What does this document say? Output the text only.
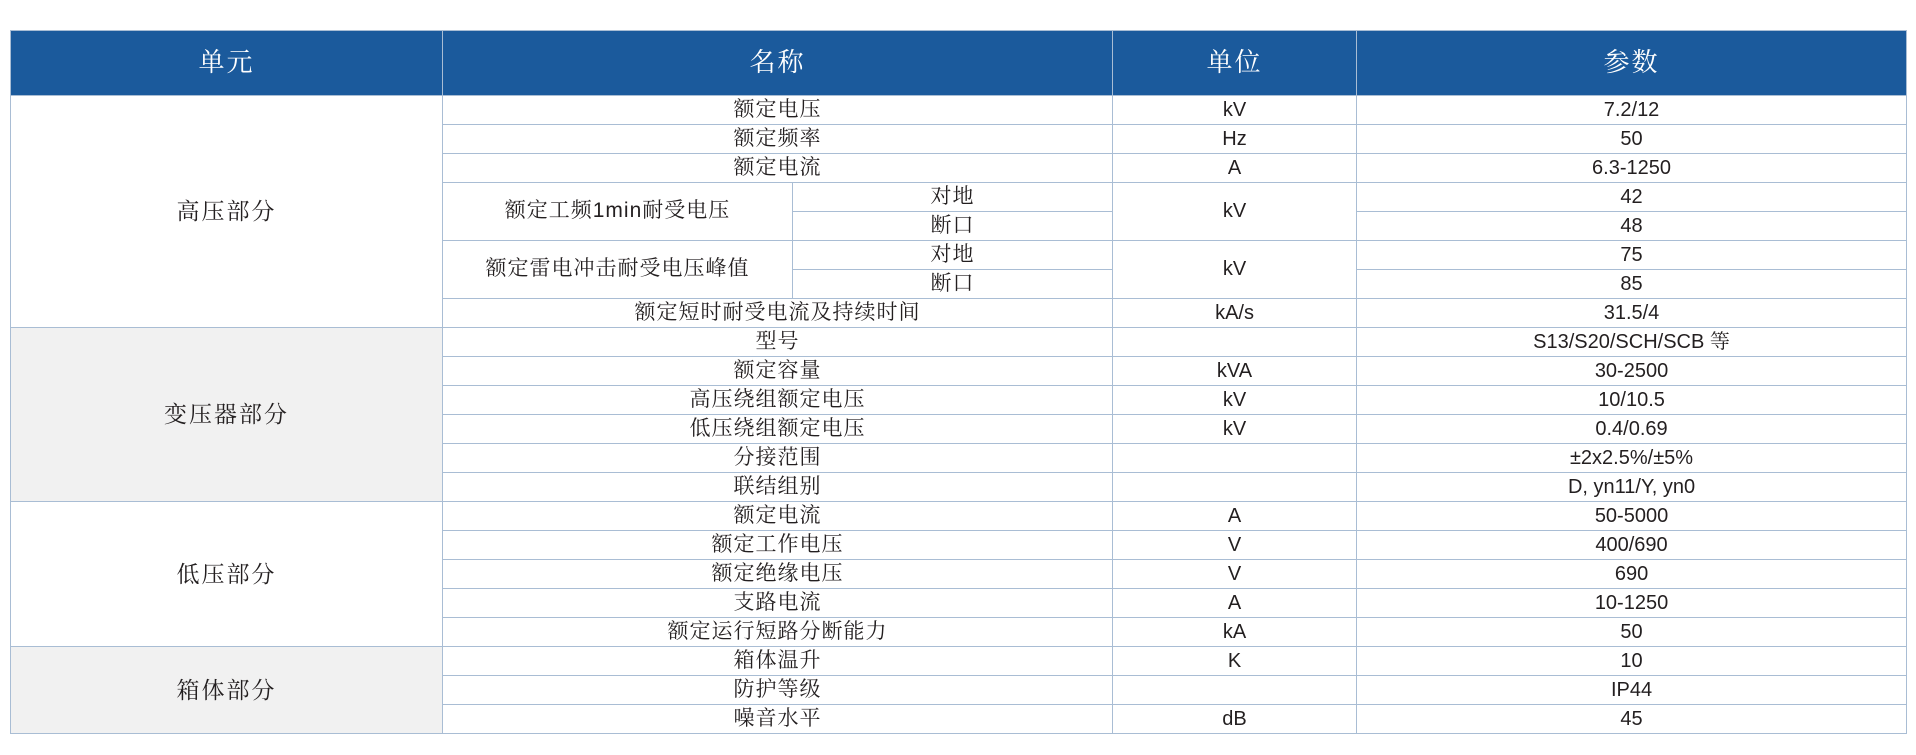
单元	名称		单位	参数
高压部分	额定电压		kV	7.2/12
	额定频率		Hz	50
	额定电流		A	6.3-1250
	额定工频1min耐受电压	对地	kV	42
		断口		48
	额定雷电冲击耐受电压峰值	对地	kV	75
		断口		85
	额定短时耐受电流及持续时间		kA/s	31.5/4
变压器部分	型号			S13/S20/SCH/SCB 等
	额定容量		kVA	30-2500
	高压绕组额定电压		kV	10/10.5
	低压绕组额定电压		kV	0.4/0.69
	分接范围			±2x2.5%/±5%
	联结组别			D, yn11/Y, yn0
低压部分	额定电流		A	50-5000
	额定工作电压		V	400/690
	额定绝缘电压		V	690
	支路电流		A	10-1250
	额定运行短路分断能力		kA	50
箱体部分	箱体温升		K	10
	防护等级			IP44
	噪音水平		dB	45
